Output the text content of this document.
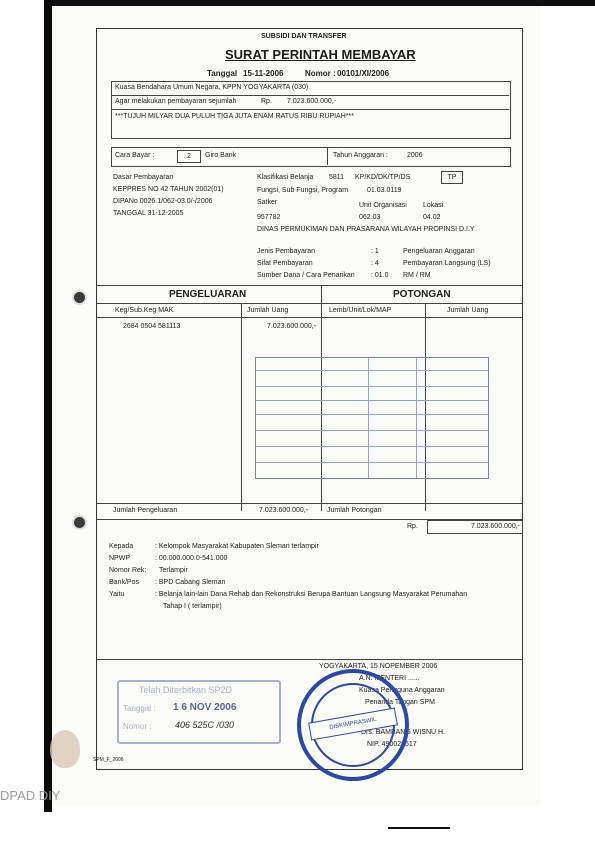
SUBSIDI DAN TRANSFER
SURAT PERINTAH MEMBAYAR
Tanggal 15-11-2006	Nomor : 00101/XI/2006
Kuasa Bendahara Umum Negara, KPPN YOGYAKARTA (030)
Agar melakukan pembayaran sejumlah	Rp. 7.023.600.000,-
***TUJUH MILYAR DUA PULUH TIGA JUTA ENAM RATUS RIBU RUPIAH***
Cara Bayar :	2	Giro Bank	Tahun Anggaran :	2006
Dasar Pembayaran
KEPPRES NO 42 TAHUN 2002(01)
DIPANo 0026.1/062-03.0/-/2006
TANGGAL 31-12-2005
Klasifikasi Belanja 5811 KP/KD/DK/TP/DS	TP
Fungsi, Sub Fungsi, Program	01.03.0119
Satker	Unit Organisasi Lokasi
957782	062.03	04.02
DINAS PERMUKIMAN DAN PRASARANA WILAYAH PROPINSI D.I.Y
Jenis Pembayaran	: 1	Pengeluaran Anggaran
Sifat Pembayaran	: 4	Pembayaran Langsung (LS)
Sumber Dana / Cara Penarikan : 01.0 RM / RM
PENGELUARAN	POTONGAN
Keg/Sub.Keg MAK	Jumlah Uang	Lemb/Unit/Lok/MAP	Jumlah Uang
2684 0504 581113	7.023.600.000,-
Jumlah Pengeluaran	7.023.600.000,-	Jumlah Potongan
Rp.	7.023.600.000,-
Kepada	: Kelompok Masyarakat Kabupaten Sleman terlampir
NPWP	: 00.000.000.0-541.000
Nomor Rek: Terlampir
Bank/Pos : BPD Cabang Sleman
Yaitu	: Belanja lain-lain Dana Rehab dan Rekonstruksi Berupa Bantuan Langsung Masyarakat Perumahan
Tahap I ( terlampir)
YOGYAKARTA, 15 NOPEMBER 2006
A.N. MENTERI ......
Kuasa Pengguna Anggaran
Penanda Tangan SPM
Drs. BAMBANG WISNU H.
NIP. 490026517
Telah Diterbitkan SP2D
Tanggal : 1 6 NOV 2006
Nomor :	406 525C /030	DISKIMPRASWIL
SPM_F_2006
DPAD DIY
